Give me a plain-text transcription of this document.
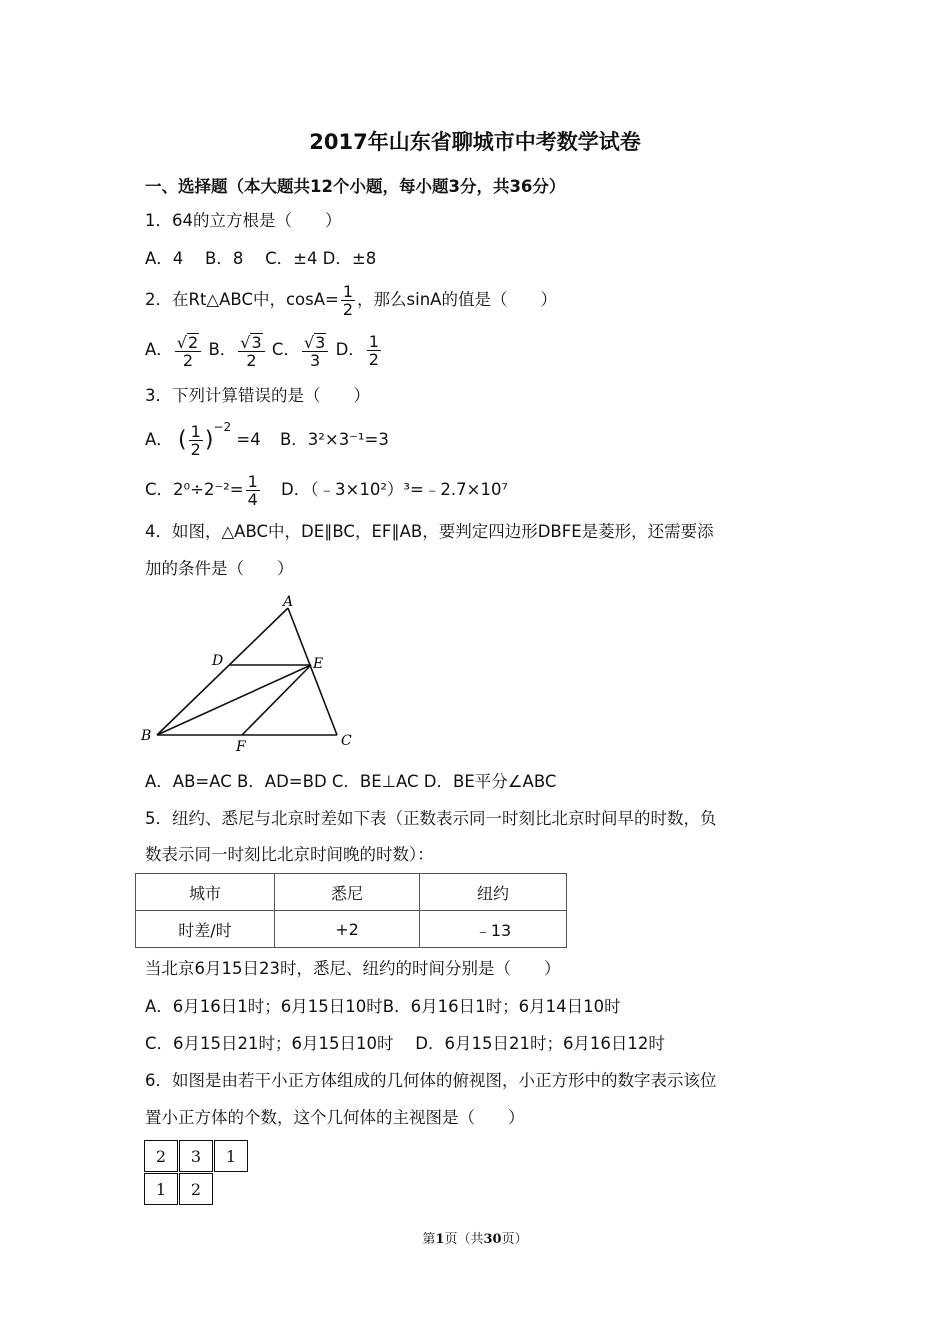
2017年山东省聊城市中考数学试卷
一、选择题（本大题共12个小题，每小题3分，共36分）
1．64的立方根是（　　）
A．4　 B．8　 C．±4 D．±8
2．在Rt△ABC中，$\cos A= \frac{1}{2}$ ，那么sinA的值是（　　）
A． $\frac{√2}{2}$ B． $\frac{√3}{2}$ C． $\frac{√3}{3}$ D． $\frac{1}{2}$
3．下列计算错误的是（　　）
A． ( $\frac{1}{2} )^{-2} =4$ B．3²×3⁻¹=3
C．$2^0\div 2^{-2}= \frac{1}{4}$ D．（﹣3×10²）³=﹣2.7×10⁷
4．如图，△ABC中，DE∥BC，EF∥AB，要判定四边形DBFE是菱形，还需要添
加的条件是（　　）
A
B	C
D	E
F
A．AB=AC B．AD=BD C．BE⊥AC D．BE平分∠ABC
5．纽约、悉尼与北京时差如下表（正数表示同一时刻比北京时间早的时数，负
数表示同一时刻比北京时间晚的时数）：
城市	悉尼	纽约
时差/时	+2	﹣13
当北京6月15日23时，悉尼、纽约的时间分别是（　　）
A．6月16日1时；6月15日10时B．6月16日1时；6月14日10时
C．6月15日21时；6月15日10时　 D．6月15日21时；6月16日12时
6．如图是由若干小正方体组成的几何体的俯视图，小正方形中的数字表示该位
置小正方体的个数，这个几何体的主视图是（　　）
2	3	1
1	2
第1页（共30页）
